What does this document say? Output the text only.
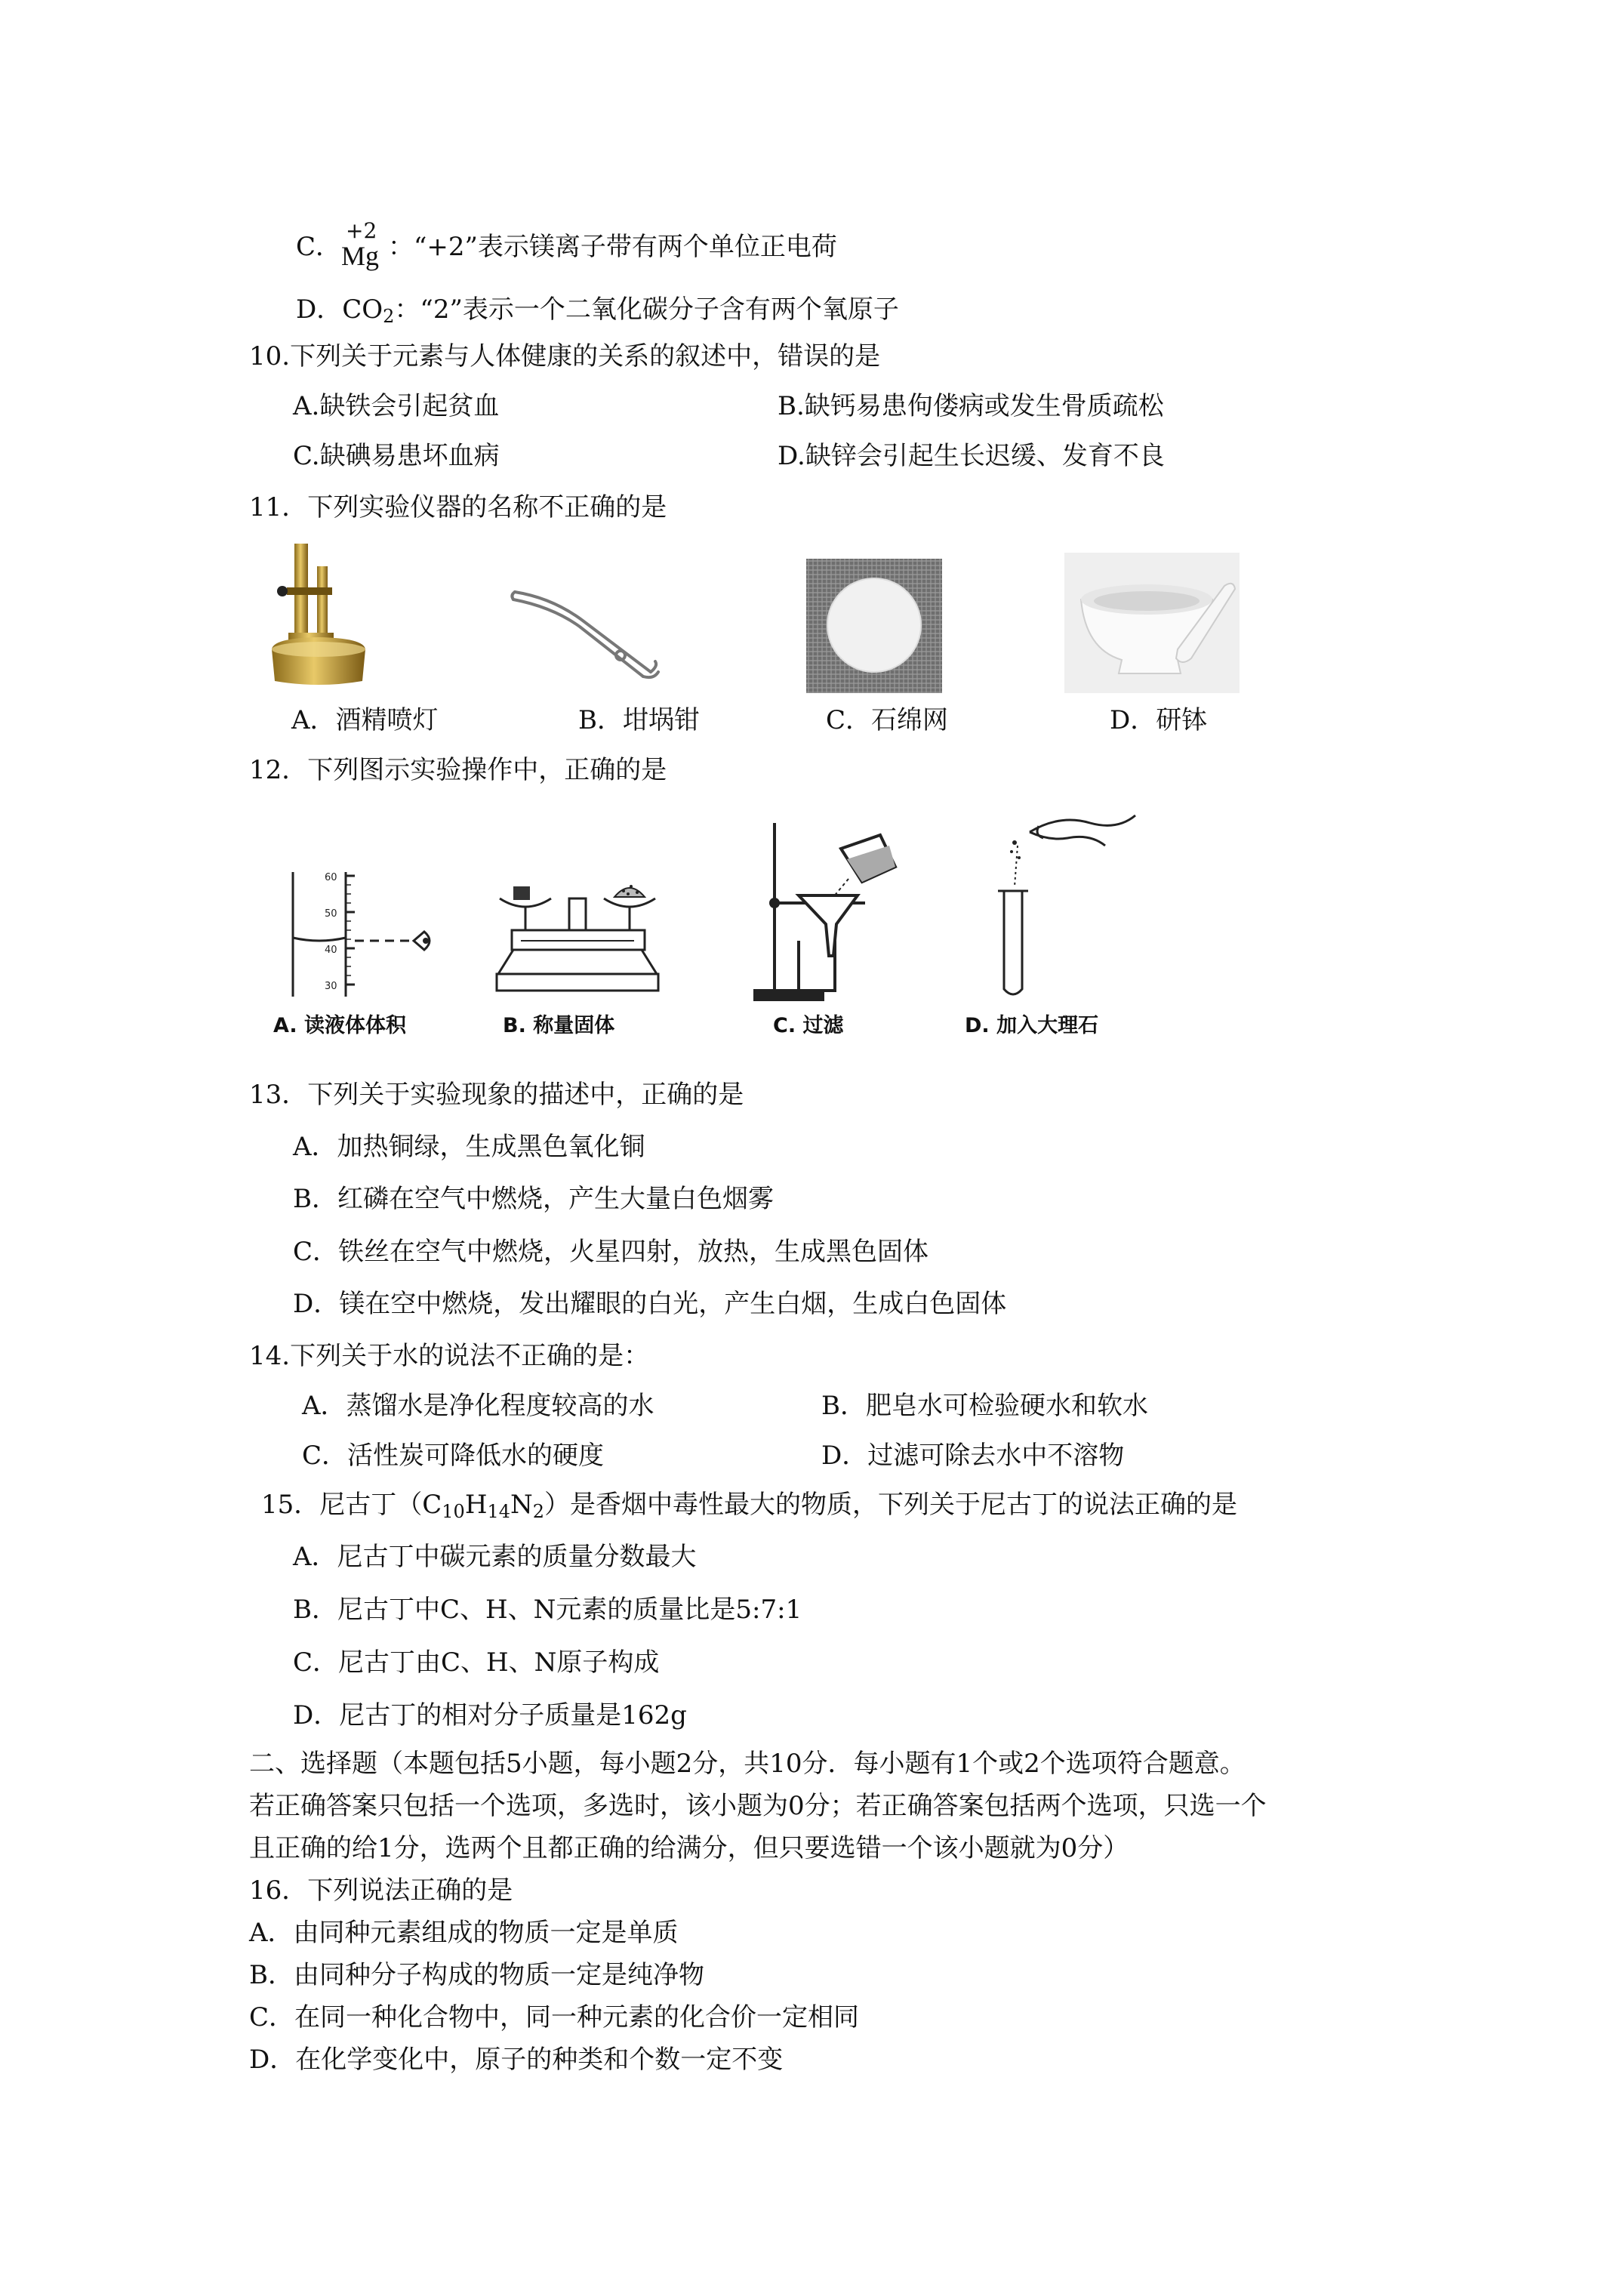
C．
+2
Mg ：“+2”表示镁离子带有两个单位正电荷
D．$CO_2$：“2”表示一个二氧化碳分子含有两个氧原子
10.下列关于元素与人体健康的关系的叙述中，错误的是
A.缺铁会引起贫血	B.缺钙易患佝偻病或发生骨质疏松
C.缺碘易患坏血病	D.缺锌会引起生长迟缓、发育不良
11．下列实验仪器的名称不正确的是
A．酒精喷灯	B．坩埚钳	C．石绵网	D．研钵
12．下列图示实验操作中，正确的是
60
50
40
30
A. 读液体体积	B. 称量固体	C. 过滤	D. 加入大理石
13．下列关于实验现象的描述中，正确的是
A．加热铜绿，生成黑色氧化铜
B．红磷在空气中燃烧，产生大量白色烟雾
C．铁丝在空气中燃烧，火星四射，放热，生成黑色固体
D．镁在空中燃烧，发出耀眼的白光，产生白烟，生成白色固体
14.下列关于水的说法不正确的是：
A．蒸馏水是净化程度较高的水	B．肥皂水可检验硬水和软水
C．活性炭可降低水的硬度	D．过滤可除去水中不溶物
15．尼古丁$(C_{10}H_{14}N_2)$是香烟中毒性最大的物质，下列关于尼古丁的说法正确的是
A．尼古丁中碳元素的质量分数最大
B．尼古丁中C、H、N元素的质量比是5:7:1
C．尼古丁由C、H、N原子构成
D．尼古丁的相对分子质量是162g
二、选择题（本题包括5小题，每小题2分，共10分．每小题有1个或2个选项符合题意。
若正确答案只包括一个选项，多选时，该小题为0分；若正确答案包括两个选项，只选一个
且正确的给1分，选两个且都正确的给满分，但只要选错一个该小题就为0分）
16．下列说法正确的是
A．由同种元素组成的物质一定是单质
B．由同种分子构成的物质一定是纯净物
C．在同一种化合物中，同一种元素的化合价一定相同
D．在化学变化中，原子的种类和个数一定不变
